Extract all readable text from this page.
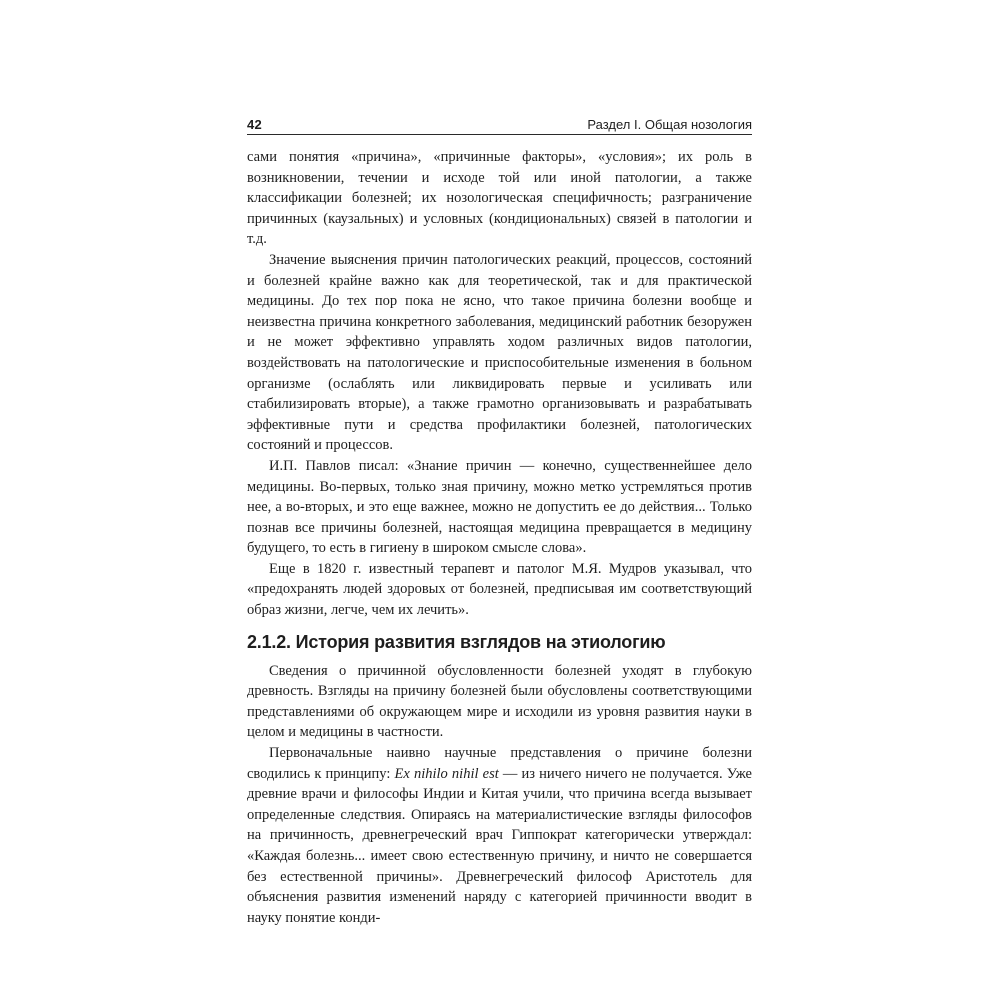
42	Раздел I. Общая нозология

сами понятия «причина», «причинные факторы», «условия»; их роль в возникновении, течении и исходе той или иной патологии, а также классификации болезней; их нозологическая специфичность; разграничение причинных (каузальных) и условных (кондициональных) связей в патологии и т.д.

Значение выяснения причин патологических реакций, процессов, состояний и болезней крайне важно как для теоретической, так и для практической медицины. До тех пор пока не ясно, что такое причина болезни вообще и неизвестна причина конкретного заболевания, медицинский работник безоружен и не может эффективно управлять ходом различных видов патологии, воздействовать на патологические и приспособительные изменения в больном организме (ослаблять или ликвидировать первые и усиливать или стабилизировать вторые), а также грамотно организовывать и разрабатывать эффективные пути и средства профилактики болезней, патологических состояний и процессов.

И.П. Павлов писал: «Знание причин — конечно, существеннейшее дело медицины. Во-первых, только зная причину, можно метко устремляться против нее, а во-вторых, и это еще важнее, можно не допустить ее до действия... Только познав все причины болезней, настоящая медицина превращается в медицину будущего, то есть в гигиену в широком смысле слова».

Еще в 1820 г. известный терапевт и патолог М.Я. Мудров указывал, что «предохранять людей здоровых от болезней, предписывая им соответствующий образ жизни, легче, чем их лечить».

2.1.2. История развития взглядов на этиологию

Сведения о причинной обусловленности болезней уходят в глубокую древность. Взгляды на причину болезней были обусловлены соответствующими представлениями об окружающем мире и исходили из уровня развития науки в целом и медицины в частности.

Первоначальные наивно научные представления о причине болезни сводились к принципу: Ex nihilo nihil est — из ничего ничего не получается. Уже древние врачи и философы Индии и Китая учили, что причина всегда вызывает определенные следствия. Опираясь на материалистические взгляды философов на причинность, древнегреческий врач Гиппократ категорически утверждал: «Каждая болезнь... имеет свою естественную причину, и ничто не совершается без естественной причины». Древнегреческий философ Аристотель для объяснения развития изменений наряду с категорией причинности вводит в науку понятие конди-
